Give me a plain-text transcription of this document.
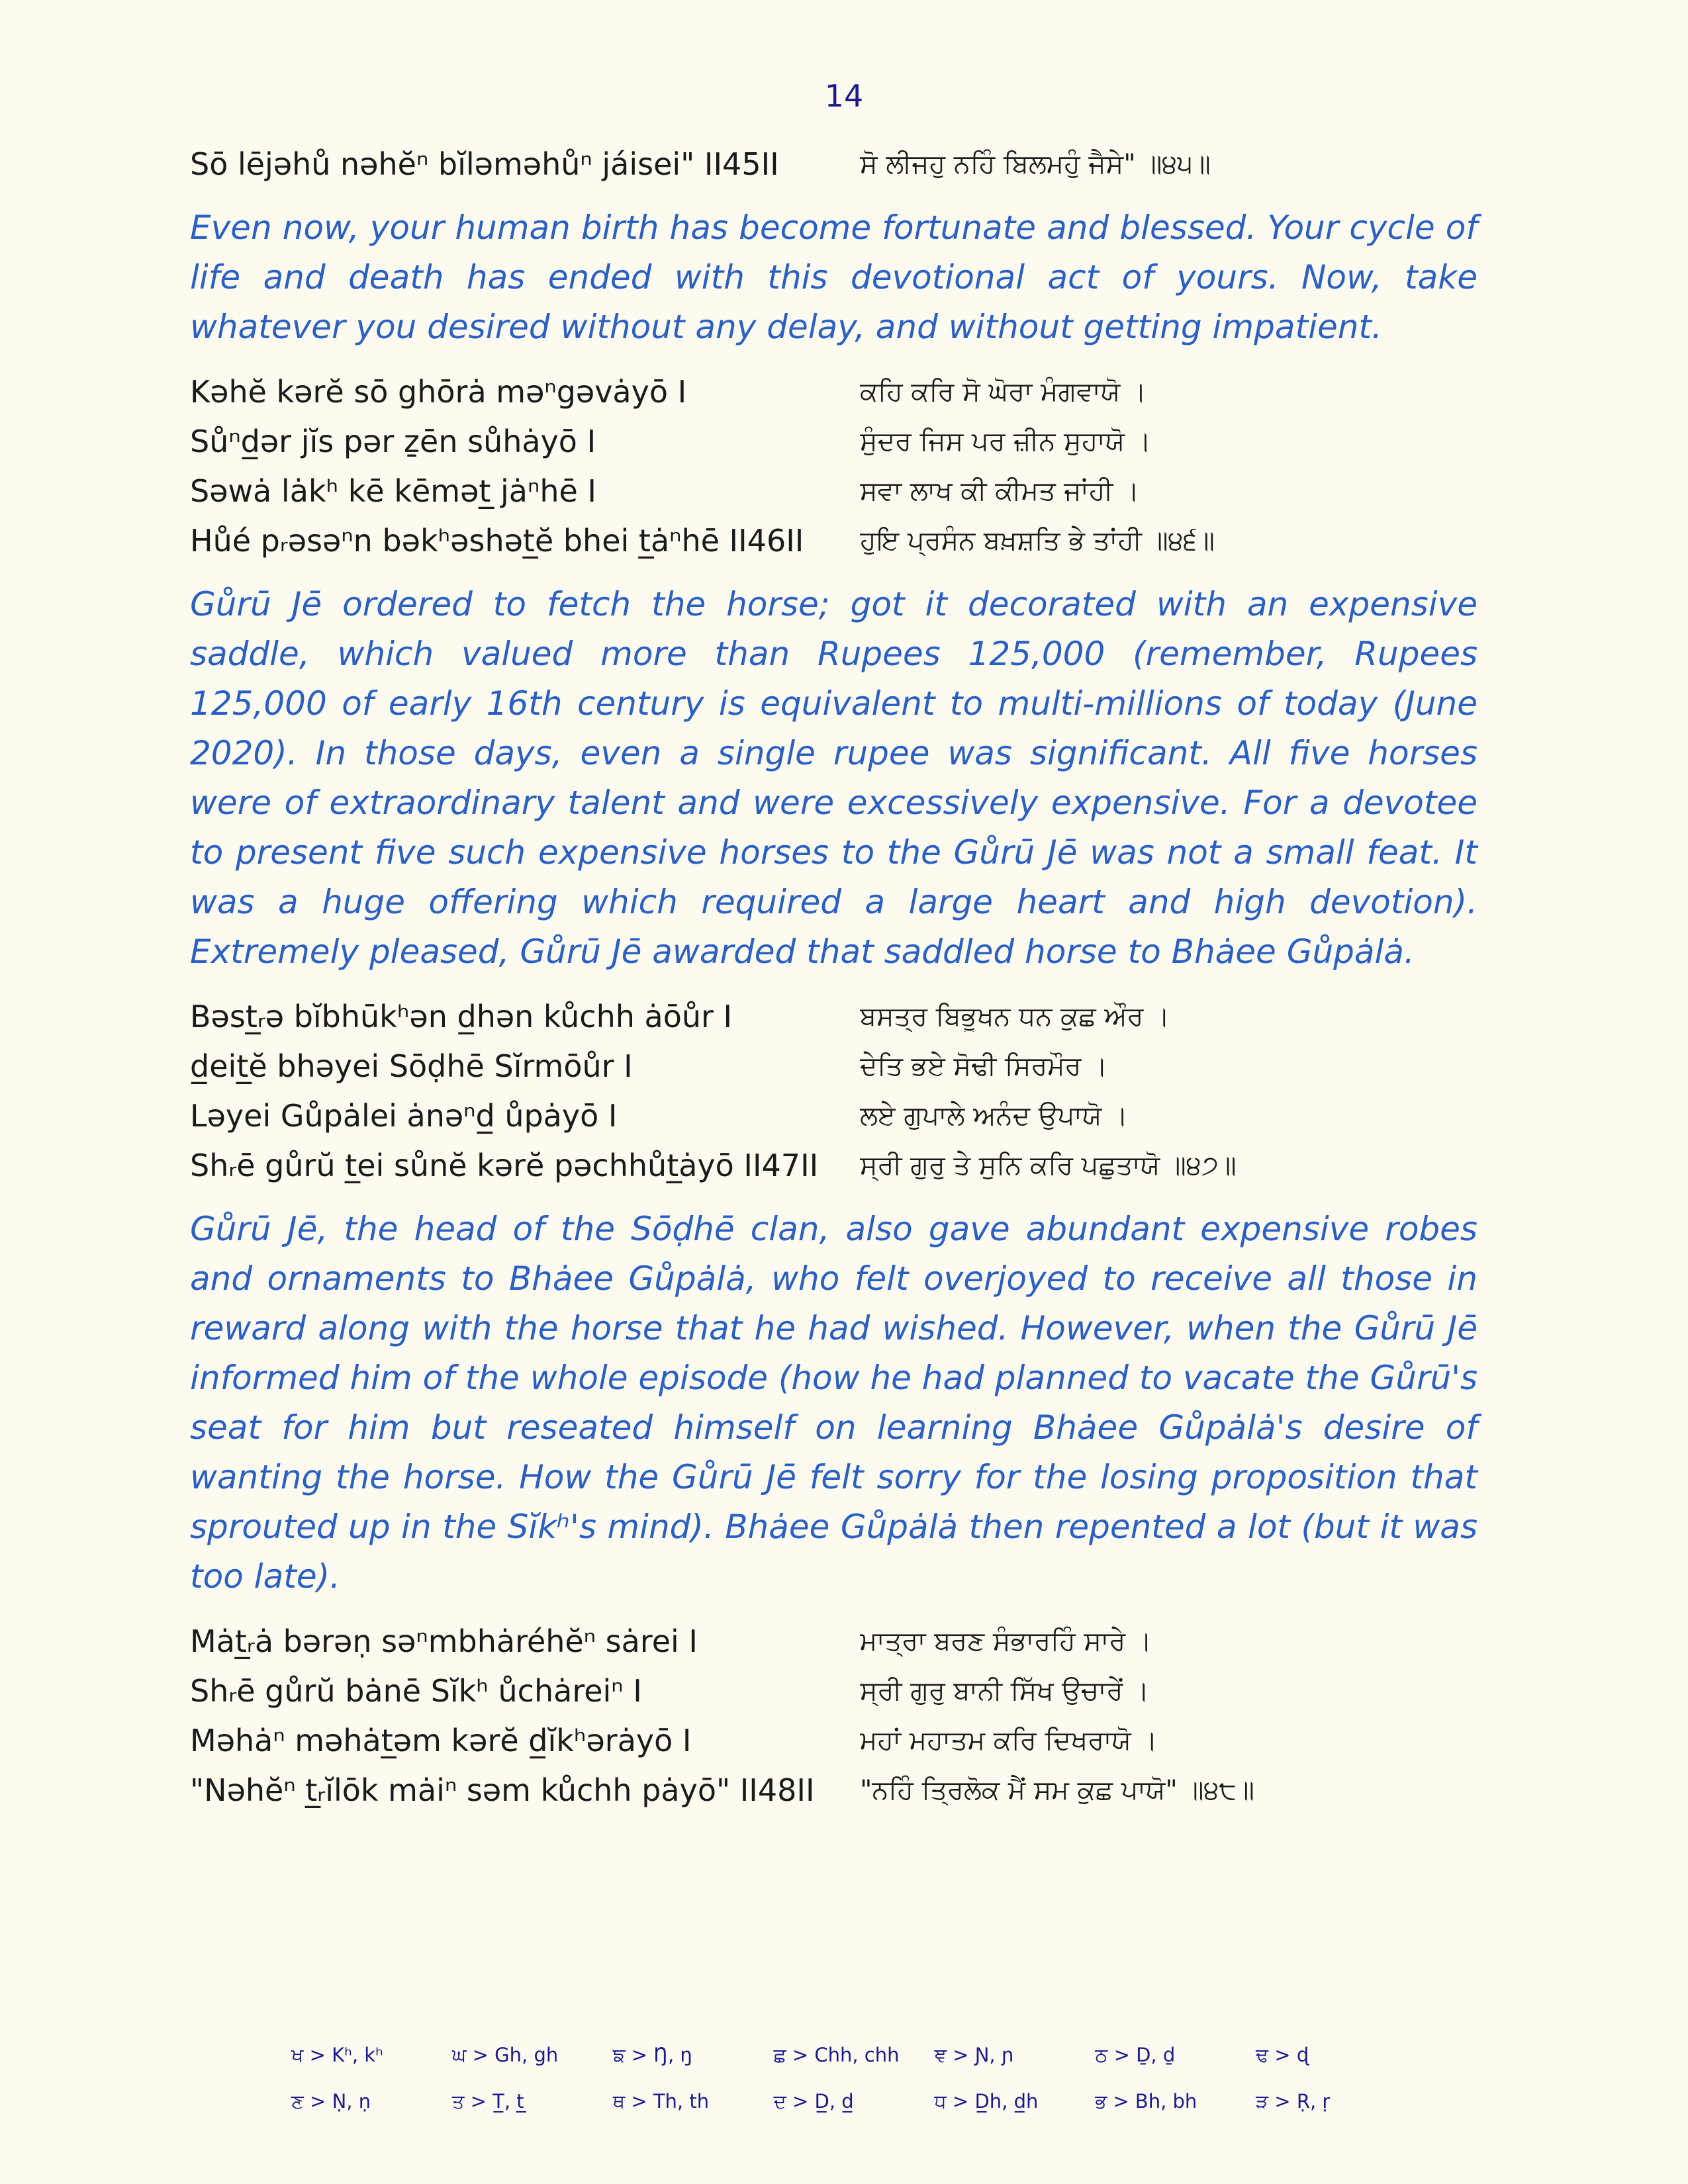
14
Sō lējəhů nəhĕⁿ bĭləməhůⁿ jáisei" II45II	ਸੋ ਲੀਜਹੁ ਨਹਿੰ ਬਿਲਮਹੁੰ ਜੈਸੇ" ॥੪੫॥

Even now, your human birth has become fortunate and blessed. Your cycle of life and death has ended with this devotional act of yours. Now, take whatever you desired without any delay, and without getting impatient.

Kəhĕ kərĕ sō ghōrȧ məⁿgəvȧyō I	ਕਹਿ ਕਰਿ ਸੋ ਘੋਰਾ ਮੰਗਵਾਯੋ ।
Sůⁿd̲ər jĭs pər ẕēn sůhȧyō I	ਸੁੰਦਰ ਜਿਸ ਪਰ ਜ਼ੀਨ ਸੁਹਾਯੋ ।
Səwȧ lȧkʰ kē kēmət̲ jȧⁿhē I	ਸਵਾ ਲਾਖ ਕੀ ਕੀਮਤ ਜਾਂਹੀ ।
Hůé pᵣəsəⁿn bəkʰəshət̲ĕ bhei t̲ȧⁿhē II46II	ਹੁਇ ਪ੍ਰਸੰਨ ਬਖ਼ਸ਼ਤਿ ਭੇ ਤਾਂਹੀ ॥੪੬॥

Gůrū Jē ordered to fetch the horse; got it decorated with an expensive saddle, which valued more than Rupees 125,000 (remember, Rupees 125,000 of early 16th century is equivalent to multi-millions of today (June 2020). In those days, even a single rupee was significant. All five horses were of extraordinary talent and were excessively expensive. For a devotee to present five such expensive horses to the Gůrū Jē was not a small feat. It was a huge offering which required a large heart and high devotion). Extremely pleased, Gůrū Jē awarded that saddled horse to Bhȧee Gůpȧlȧ.

Bəst̲ᵣə bĭbhūkʰən d̲hən kůchh ȧōůr I	ਬਸਤ੍ਰ ਬਿਭੂਖਨ ਧਨ ਕੁਛ ਔਰ ।
d̲eit̲ĕ bhəyei Sōḍhē Sĭrmōůr I	ਦੇਤਿ ਭਏ ਸੋਢੀ ਸਿਰਮੌਰ ।
Ləyei Gůpȧlei ȧnəⁿd̲ ůpȧyō I	ਲਏ ਗੁਪਾਲੇ ਅਨੰਦ ਉਪਾਯੋ ।
Shᵣē gůrŭ t̲ei sůnĕ kərĕ pəchhůt̲ȧyō II47II	ਸ੍ਰੀ ਗੁਰੁ ਤੇ ਸੁਨਿ ਕਰਿ ਪਛੁਤਾਯੋ ॥੪੭॥

Gůrū Jē, the head of the Sōḍhē clan, also gave abundant expensive robes and ornaments to Bhȧee Gůpȧlȧ, who felt overjoyed to receive all those in reward along with the horse that he had wished. However, when the Gůrū Jē informed him of the whole episode (how he had planned to vacate the Gůrū's seat for him but reseated himself on learning Bhȧee Gůpȧlȧ's desire of wanting the horse. How the Gůrū Jē felt sorry for the losing proposition that sprouted up in the Sĭkʰ's mind). Bhȧee Gůpȧlȧ then repented a lot (but it was too late).

Mȧt̲ᵣȧ bərəṇ səⁿmbhȧréhĕⁿ sȧrei I	ਮਾਤ੍ਰਾ ਬਰਣ ਸੰਭਾਰਹਿੰ ਸਾਰੇ ।
Shᵣē gůrŭ bȧnē Sĭkʰ ůchȧreiⁿ I	ਸ੍ਰੀ ਗੁਰੁ ਬਾਨੀ ਸਿੱਖ ਉਚਾਰੇਂ ।
Məhȧⁿ məhȧt̲əm kərĕ d̲ĭkʰərȧyō I	ਮਹਾਂ ਮਹਾਤਮ ਕਰਿ ਦਿਖਰਾਯੋ ।
"Nəhĕⁿ t̲ᵣĭlōk mȧiⁿ səm kůchh pȧyō" II48II	"ਨਹਿੰ ਤ੍ਰਿਲੋਕ ਮੈਂ ਸਮ ਕੁਛ ਪਾਯੋ" ॥੪੮॥
ਖ > Kʰ, kʰ	ਘ > Gh, gh	ਙ > Ŋ, ŋ	ਛ > Chh, chh	ਞ > Ɲ, ɲ	ਠ > Ḏ, ḏ	ਢ > ɖ
ਣ > Ṇ, ṇ	ਤ > T̲, t̲	ਥ > Th, th	ਦ > D̲, d̲	ਧ > D̲h, d̲h	ਭ > Bh, bh	ੜ > Ṛ, ṛ
